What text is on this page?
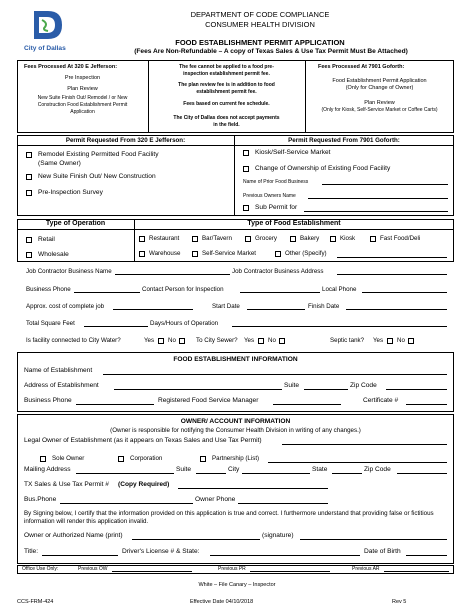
City of Dallas
DEPARTMENT OF CODE COMPLIANCE
CONSUMER HEALTH DIVISION
FOOD ESTABLISHMENT PERMIT APPLICATION
(Fees Are Non-Refundable – A copy of Texas Sales & Use Tax Permit Must Be Attached)
Fees Processed At 320 E Jefferson:
Pre Inspection
Plan Review
New Suite Finish Out/ Remodel / or New
Construction Food Establishment Permit
Application
The fee cannot be applied to a food pre-
inspection establishment permit fee.
The plan review fee is in addition to food
establishment permit fee.
Fees based on current fee schedule.
The City of Dallas does not accept payments
in the field.
Fees Processed At 7901 Goforth:
Food Establishment Permit Application
(Only for Change of Owner)
Plan Review
(Only for Kiosk, Self-Service Market or Coffee Carts)
Permit Requested From 320 E Jefferson:	Permit Requested From 7901 Goforth:
Remodel Existing Permitted Food Facility
(Same Owner)
New Suite Finish Out/ New Construction
Pre-Inspection Survey
Kiosk/Self-Service Market
Change of Ownership of Existing Food Facility
Name of Prior Food Business
Previous Owners Name
Sub Permit for
Type of Operation	Type of Food Establishment
Retail
Wholesale
Restaurant	Bar/Tavern	Grocery	Bakery	Kiosk	Fast Food/Deli
Warehouse	Self-Service Market	Other (Specify)
Job Contractor Business Name	Job Contractor Business Address
Business Phone	Contact Person for Inspection	Local Phone
Approx. cost of complete job	Start Date	Finish Date
Total Square Feet	Days/Hours of Operation
Is facility connected to City Water?	Yes No	To City Sewer? Yes No	Septic tank? Yes No
FOOD ESTABLISHMENT INFORMATION
Name of Establishment
Address of Establishment	Suite	Zip Code
Business Phone	Registered Food Service Manager	Certificate #
OWNER/ ACCOUNT INFORMATION
(Owner is responsible for notifying the Consumer Health Division in writing of any changes.)
Legal Owner of Establishment (as it appears on Texas Sales and Use Tax Permit)
Sole Owner	Corporation	Partnership (List)
Mailing Address	Suite	City	State	Zip Code
TX Sales & Use Tax Permit # (Copy Required)
Bus.Phone	Owner Phone
By Signing below, I certify that the information provided on this application is true and correct. I furthermore understand that providing false or fictitious information will render this application invalid.
Owner or Authorized Name (print)	(signature)
Title:	Driver's License # & State:	Date of Birth
Office Use Only:	Previous OW	Previous PR	Previous AR
White – File Canary – Inspector
CCS-FRM-424	Effective Date 04/10/2018	Rev 5
